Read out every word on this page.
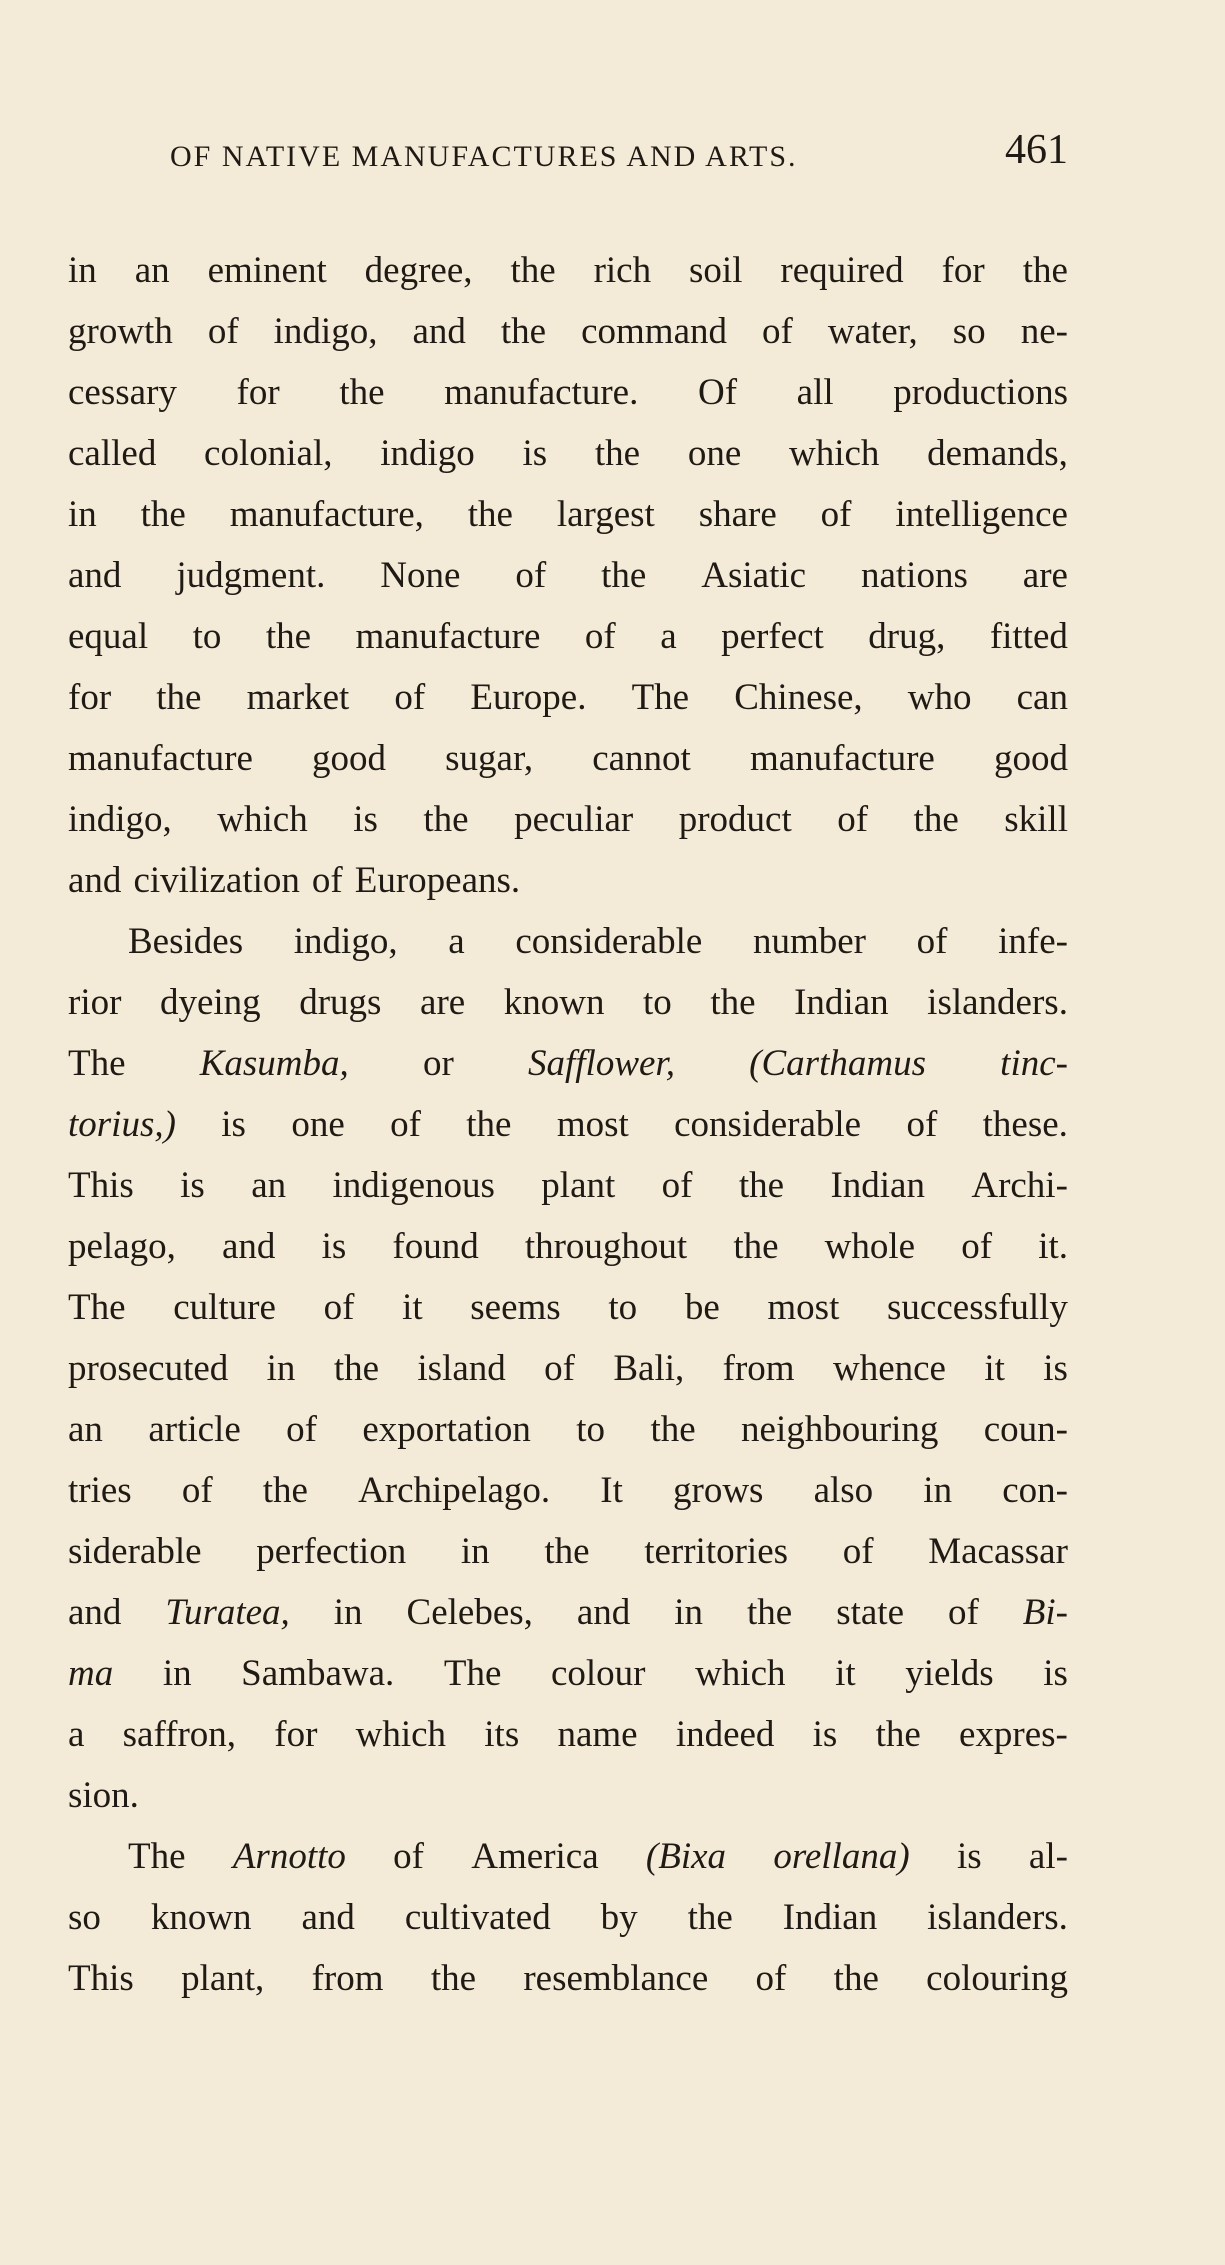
OF NATIVE MANUFACTURES AND ARTS.	461
in an eminent degree, the rich soil required for the
growth of indigo, and the command of water, so ne-
cessary for the manufacture. Of all productions
called colonial, indigo is the one which demands,
in the manufacture, the largest share of intelligence
and judgment. None of the Asiatic nations are
equal to the manufacture of a perfect drug, fitted
for the market of Europe. The Chinese, who can
manufacture good sugar, cannot manufacture good
indigo, which is the peculiar product of the skill
and civilization of Europeans.
Besides indigo, a considerable number of infe-
rior dyeing drugs are known to the Indian islanders.
The Kasumba, or Safflower, (Carthamus tinc-
torius,) is one of the most considerable of these.
This is an indigenous plant of the Indian Archi-
pelago, and is found throughout the whole of it.
The culture of it seems to be most successfully
prosecuted in the island of Bali, from whence it is
an article of exportation to the neighbouring coun-
tries of the Archipelago. It grows also in con-
siderable perfection in the territories of Macassar
and Turatea, in Celebes, and in the state of Bi-
ma in Sambawa. The colour which it yields is
a saffron, for which its name indeed is the expres-
sion.
The Arnotto of America (Bixa orellana) is al-
so known and cultivated by the Indian islanders.
This plant, from the resemblance of the colouring
